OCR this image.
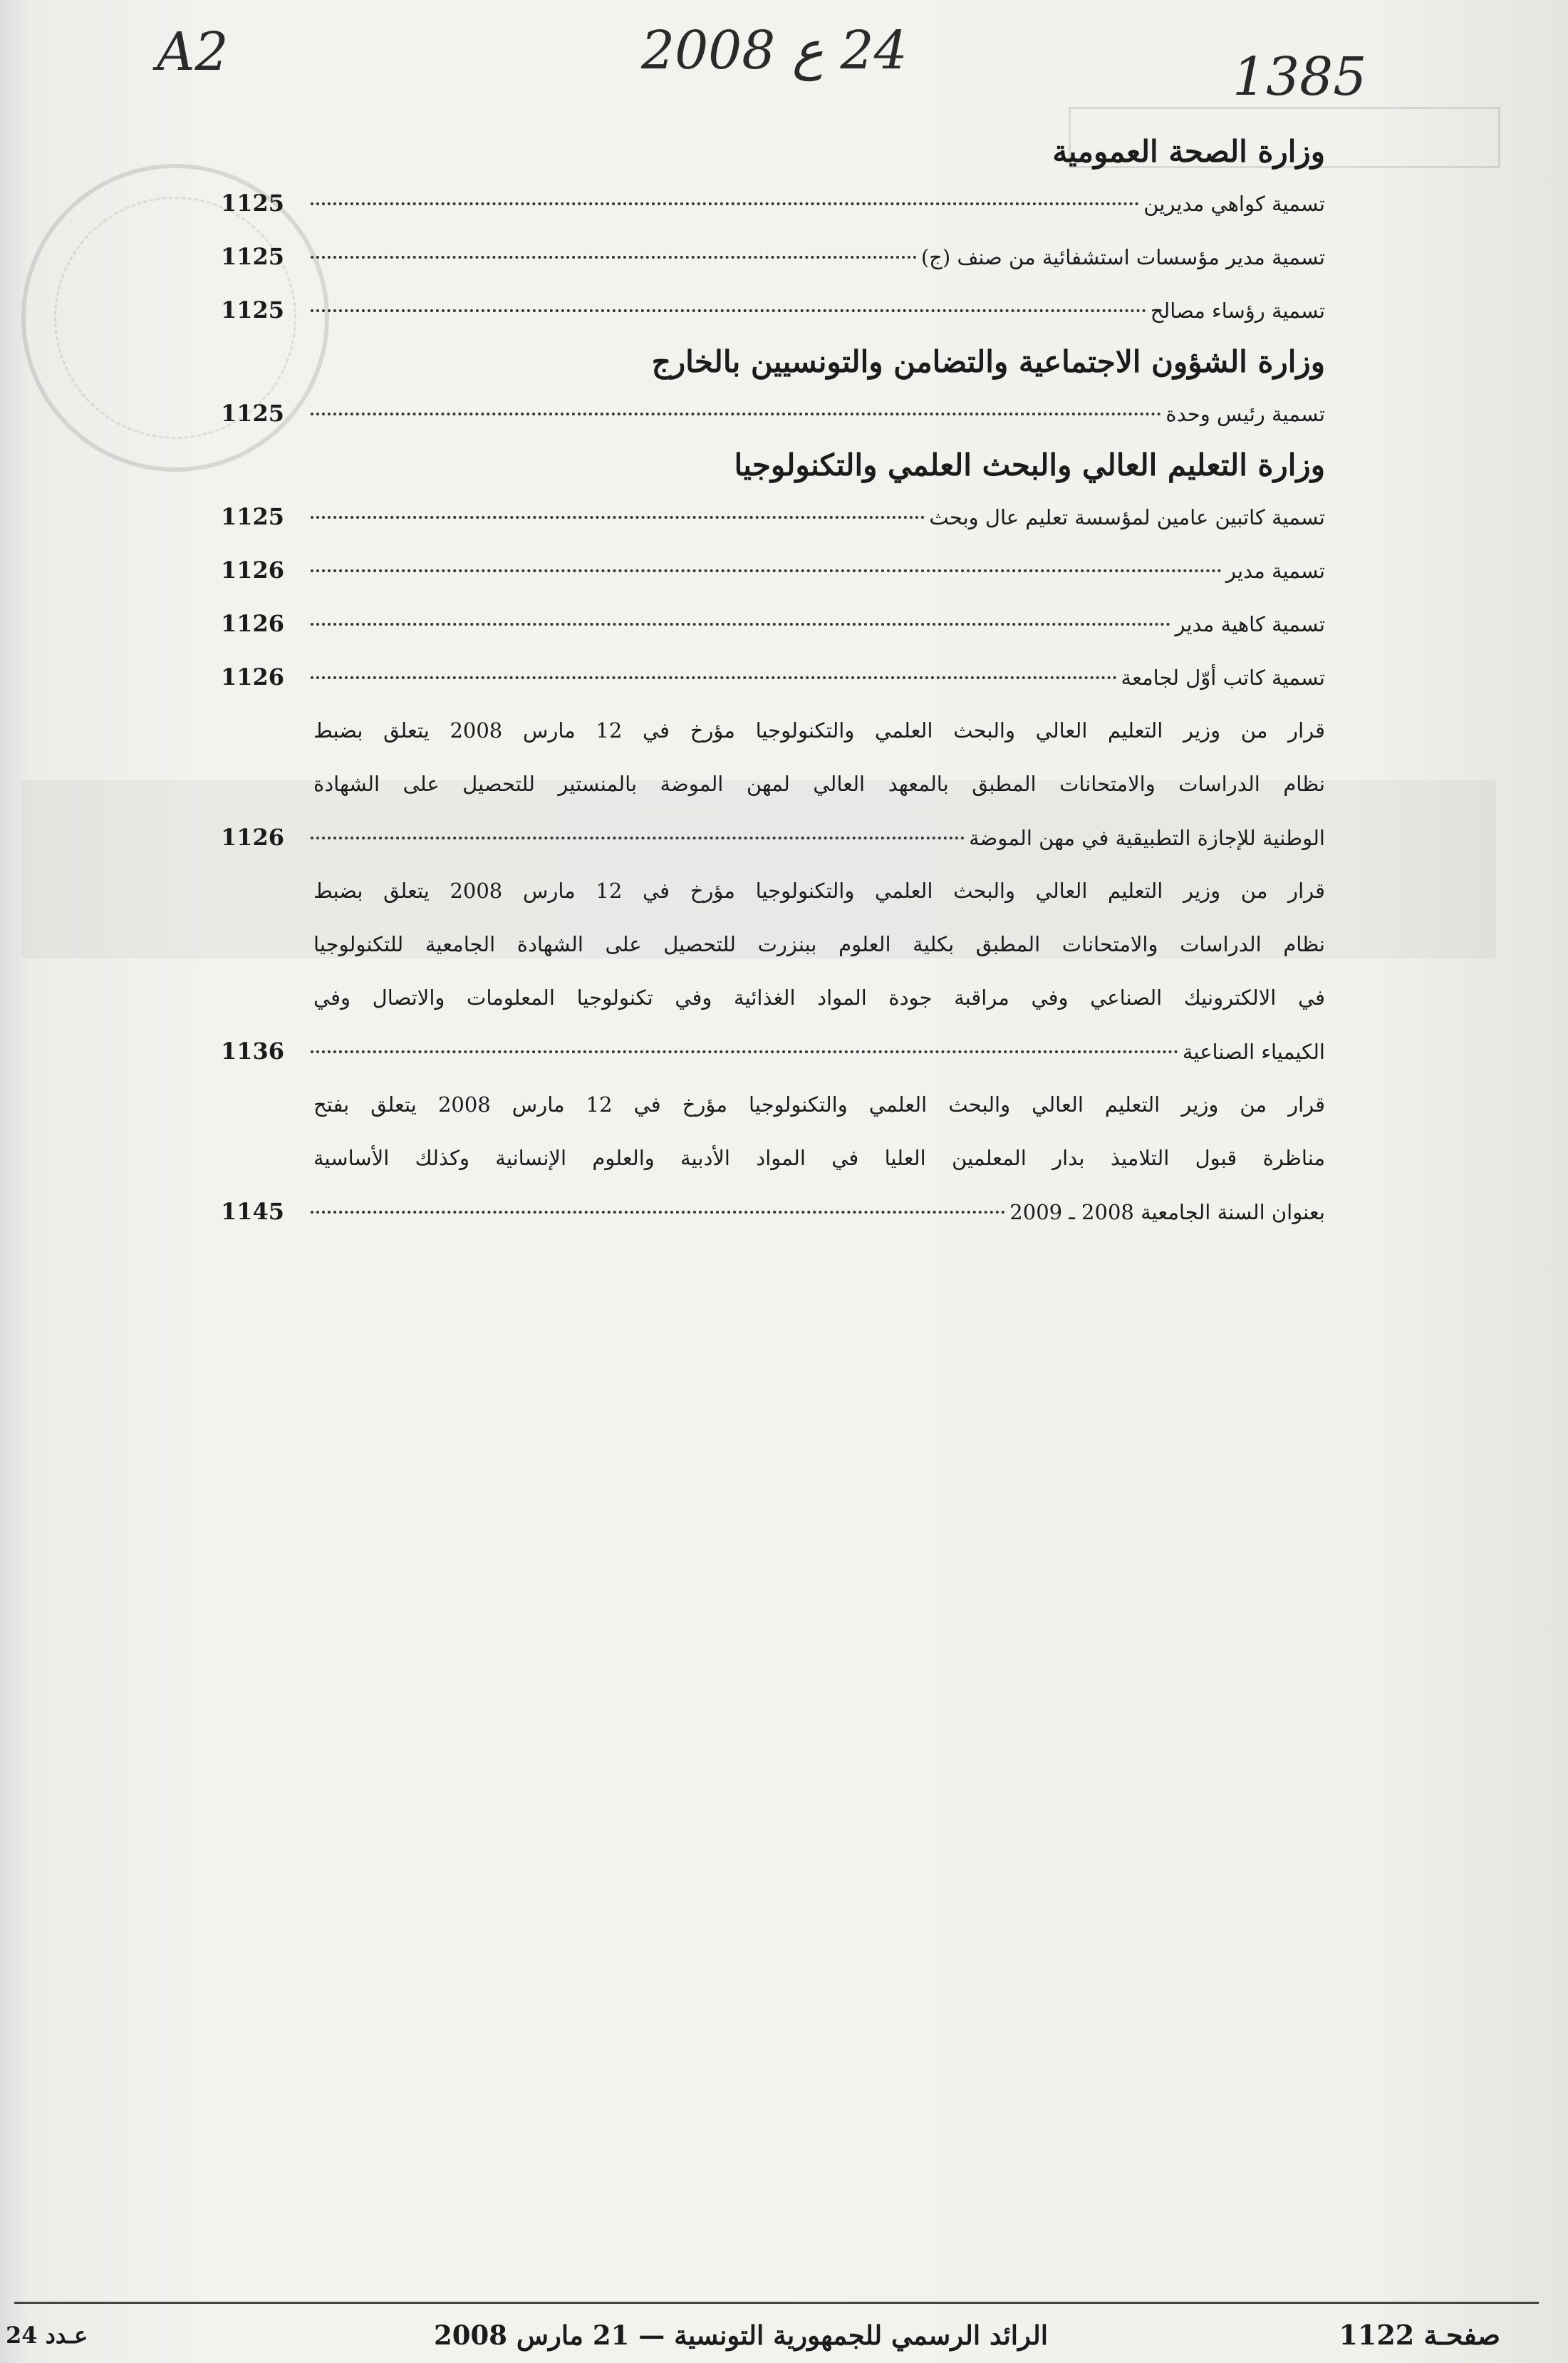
A2	24 ع 2008	1385
وزارة الصحة العمومية
تسمية كواهي مديرين
1125
تسمية مدير مؤسسات استشفائية من صنف (ج)
1125
تسمية رؤساء مصالح
1125
وزارة الشؤون الاجتماعية والتضامن والتونسيين بالخارج
تسمية رئيس وحدة
1125
وزارة التعليم العالي والبحث العلمي والتكنولوجيا
تسمية كاتبين عامين لمؤسسة تعليم عال وبحث
1125
تسمية مدير
1126
تسمية كاهية مدير
1126
تسمية كاتب أوّل لجامعة
1126
قرار من وزير التعليم العالي والبحث العلمي والتكنولوجيا مؤرخ في 12 مارس 2008 يتعلق بضبط
نظام الدراسات والامتحانات المطبق بالمعهد العالي لمهن الموضة بالمنستير للتحصيل على الشهادة
الوطنية للإجازة التطبيقية في مهن الموضة
1126
قرار من وزير التعليم العالي والبحث العلمي والتكنولوجيا مؤرخ في 12 مارس 2008 يتعلق بضبط
نظام الدراسات والامتحانات المطبق بكلية العلوم ببنزرت للتحصيل على الشهادة الجامعية للتكنولوجيا
في الالكترونيك الصناعي وفي مراقبة جودة المواد الغذائية وفي تكنولوجيا المعلومات والاتصال وفي
الكيمياء الصناعية
1136
قرار من وزير التعليم العالي والبحث العلمي والتكنولوجيا مؤرخ في 12 مارس 2008 يتعلق بفتح
مناظرة قبول التلاميذ بدار المعلمين العليا في المواد الأدبية والعلوم الإنسانية وكذلك الأساسية
بعنوان السنة الجامعية 2008 ـ 2009
1145
صفحـة 1122
الرائد الرسمي للجمهورية التونسية — 21 مارس 2008
عـدد 24
